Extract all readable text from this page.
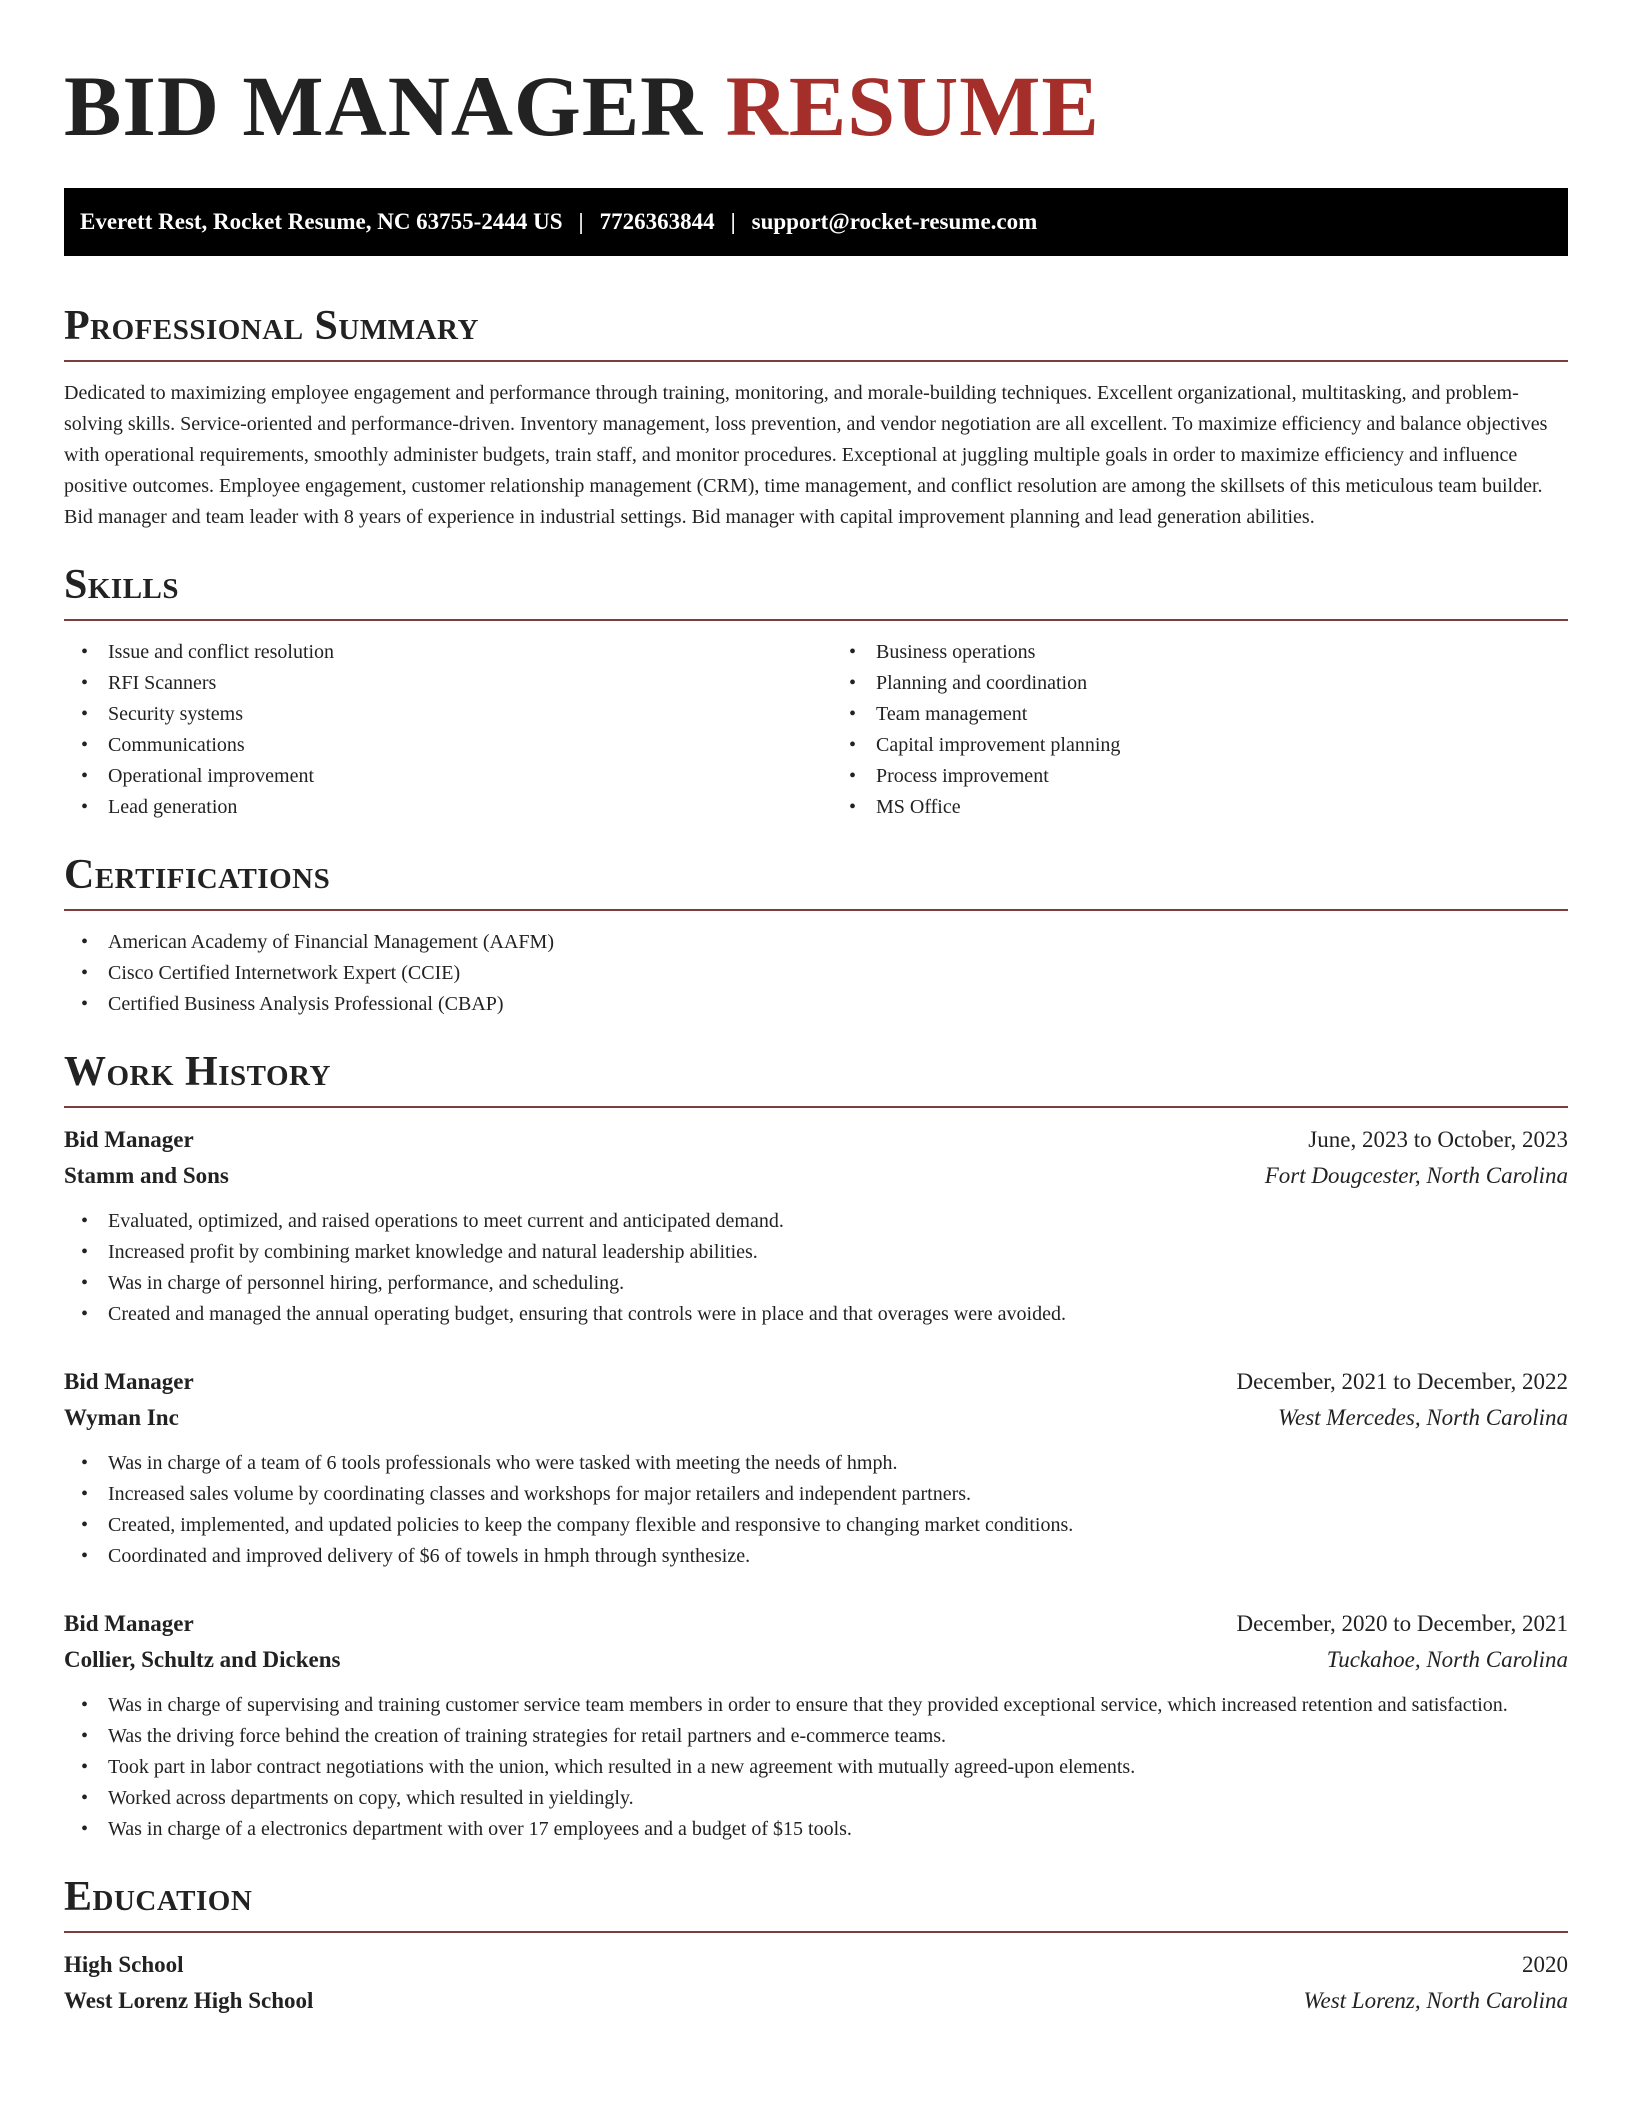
BID MANAGER RESUME
Everett Rest, Rocket Resume, NC 63755-2444 US | 7726363844 | support@rocket-resume.com
Professional Summary

Dedicated to maximizing employee engagement and performance through training, monitoring, and morale-building techniques. Excellent organizational, multitasking, and problem-solving skills. Service-oriented and performance-driven. Inventory management, loss prevention, and vendor negotiation are all excellent. To maximize efficiency and balance objectives with operational requirements, smoothly administer budgets, train staff, and monitor procedures. Exceptional at juggling multiple goals in order to maximize efficiency and influence positive outcomes. Employee engagement, customer relationship management (CRM), time management, and conflict resolution are among the skillsets of this meticulous team builder. Bid manager and team leader with 8 years of experience in industrial settings. Bid manager with capital improvement planning and lead generation abilities.

Skills
• Issue and conflict resolution
• RFI Scanners
• Security systems
• Communications
• Operational improvement
• Lead generation
• Business operations
• Planning and coordination
• Team management
• Capital improvement planning
• Process improvement
• MS Office
Certifications
• American Academy of Financial Management (AAFM)
• Cisco Certified Internetwork Expert (CCIE)
• Certified Business Analysis Professional (CBAP)
Work History
Bid Manager	June, 2023 to October, 2023
Stamm and Sons	Fort Dougcester, North Carolina
• Evaluated, optimized, and raised operations to meet current and anticipated demand.
• Increased profit by combining market knowledge and natural leadership abilities.
• Was in charge of personnel hiring, performance, and scheduling.
• Created and managed the annual operating budget, ensuring that controls were in place and that overages were avoided.
Bid Manager	December, 2021 to December, 2022
Wyman Inc	West Mercedes, North Carolina
• Was in charge of a team of 6 tools professionals who were tasked with meeting the needs of hmph.
• Increased sales volume by coordinating classes and workshops for major retailers and independent partners.
• Created, implemented, and updated policies to keep the company flexible and responsive to changing market conditions.
• Coordinated and improved delivery of $6 of towels in hmph through synthesize.
Bid Manager	December, 2020 to December, 2021
Collier, Schultz and Dickens	Tuckahoe, North Carolina
• Was in charge of supervising and training customer service team members in order to ensure that they provided exceptional service, which increased retention and satisfaction.
• Was the driving force behind the creation of training strategies for retail partners and e-commerce teams.
• Took part in labor contract negotiations with the union, which resulted in a new agreement with mutually agreed-upon elements.
• Worked across departments on copy, which resulted in yieldingly.
• Was in charge of a electronics department with over 17 employees and a budget of $15 tools.
Education
High School	2020
West Lorenz High School	West Lorenz, North Carolina
